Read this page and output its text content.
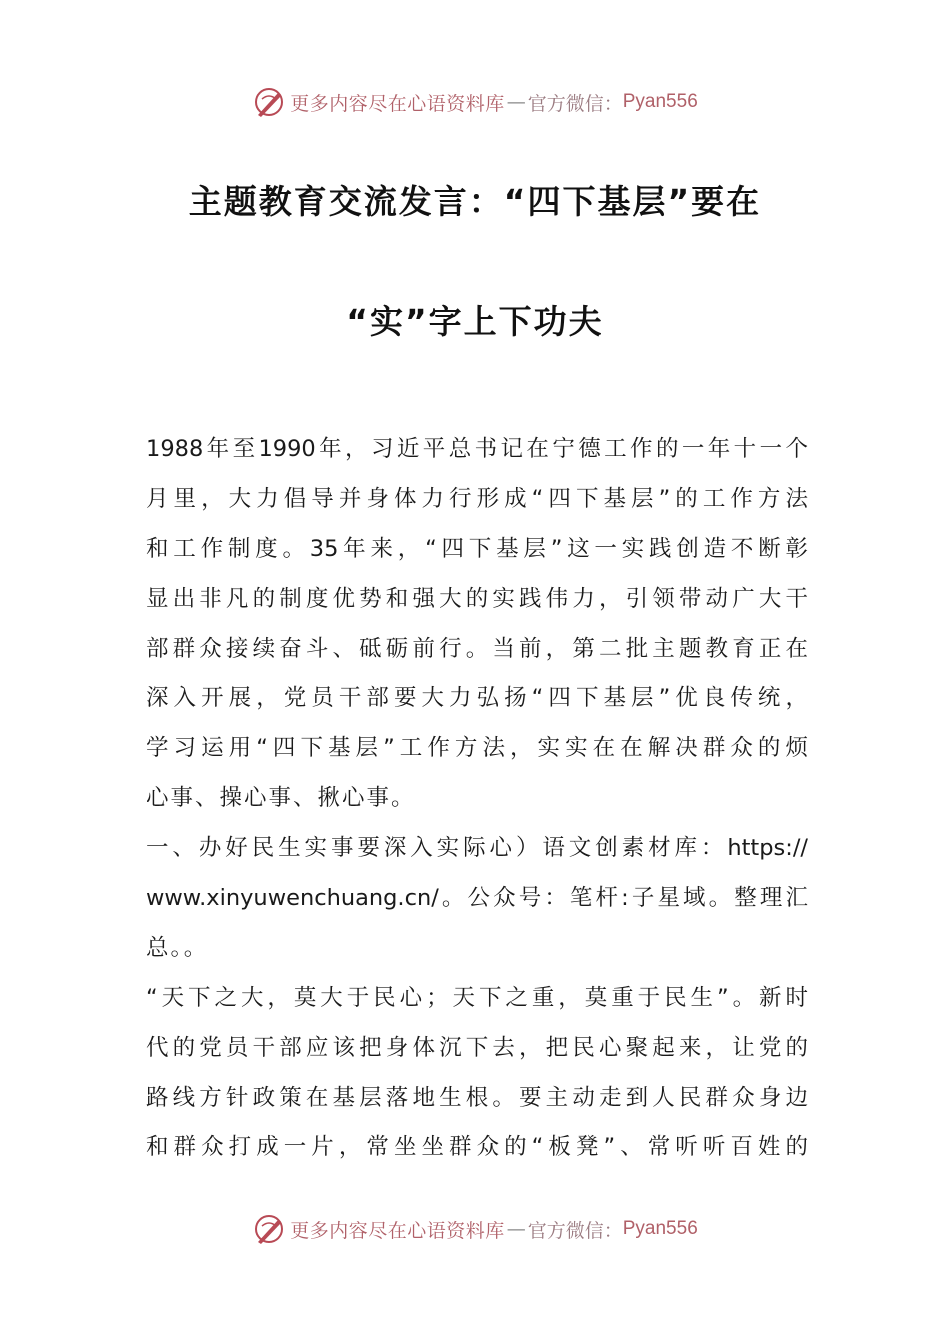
更多内容尽在心语资料库 — 官方微信： Pyan556
主题教育交流发言：“四下基层”要在
“实”字上下功夫
1988年至1990年，习近平总书记在宁德工作的一年十一个
月里，大力倡导并身体力行形成“四下基层”的工作方法
和工作制度。35年来，“四下基层”这一实践创造不断彰
显出非凡的制度优势和强大的实践伟力，引领带动广大干
部群众接续奋斗、砥砺前行。当前，第二批主题教育正在
深入开展，党员干部要大力弘扬“四下基层”优良传统，
学习运用“四下基层”工作方法，实实在在解决群众的烦
心事、操心事、揪心事。
一、办好民生实事要深入实际心）语文创素材库：https://
www.xinyuwenchuang.cn/。公众号：笔杆:子星域。整理汇
总。。
“天下之大，莫大于民心；天下之重，莫重于民生”。新时
代的党员干部应该把身体沉下去，把民心聚起来，让党的
路线方针政策在基层落地生根。要主动走到人民群众身边
和群众打成一片，常坐坐群众的“板凳”、常听听百姓的
更多内容尽在心语资料库 — 官方微信： Pyan556
